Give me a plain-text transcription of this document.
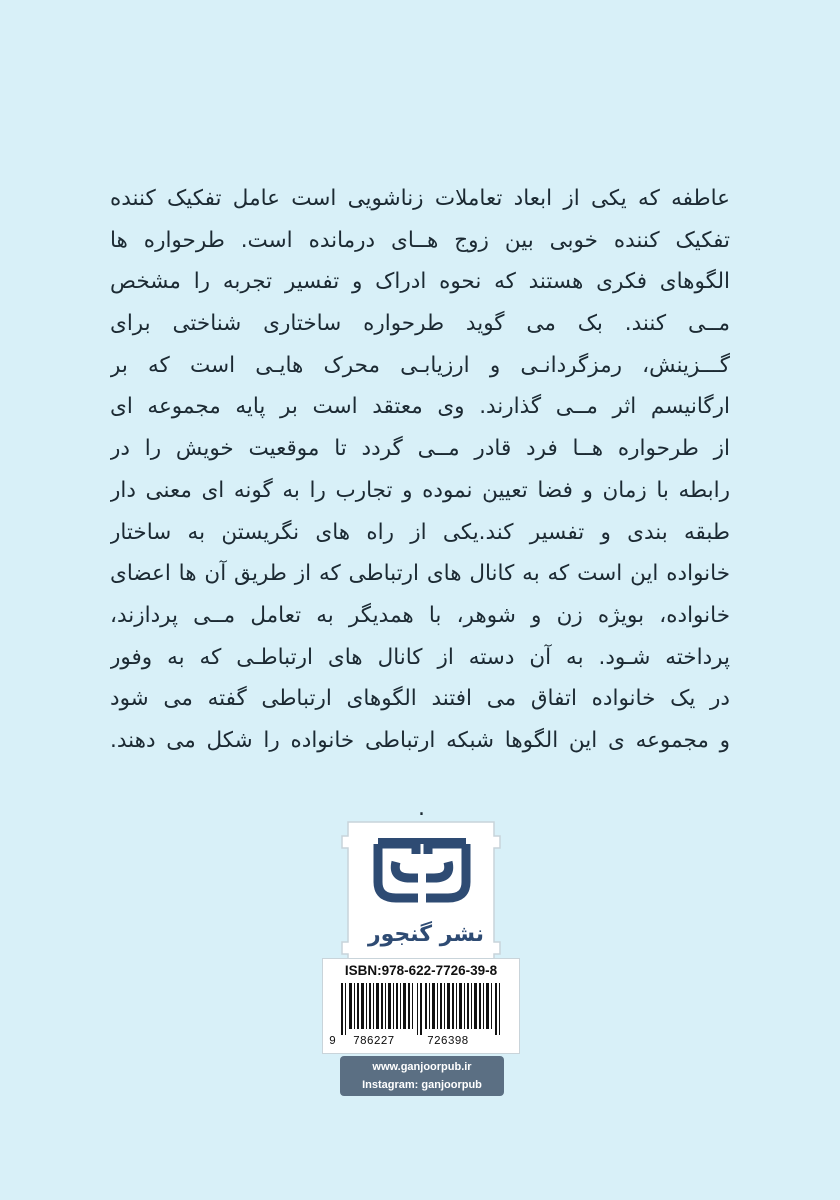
عاطفه که یکی از ابعاد تعاملات زناشویی است عامل تفکیک کننده
تفکیک کننده خوبی بین زوج هــای درمانده است. طرحواره ها
الگوهای فکری هستند که نحوه ادراک و تفسیر تجربه را مشخص
مــی کنند. بک می گوید طرحواره ساختاری شناختی برای
گـــزینش، رمزگردانـی و ارزیابـی محرک هایـی است که بر
ارگانیسم اثر مــی گذارند. وی معتقد است بر پایه مجموعه ای
از طرحواره هــا فرد قادر مــی گردد تا موقعیت خویش را در
رابطه با زمان و فضا تعیین نموده و تجارب را به گونه ای معنی دار
طبقه بندی و تفسیر کند.یکی از راه های نگریستن به ساختار
خانواده این است که به کانال های ارتباطی که از طریق آن ها اعضای
خانواده، بویژه زن و شوهر، با همدیگر به تعامل مــی پردازند،
پرداخته شـود. به آن دسته از کانال های ارتباطـی که به وفور
در یک خانواده اتفاق می افتند الگوهای ارتباطی گفته می شود
و مجموعه ی این الگوها شبکه ارتباطی خانواده را شکل می دهند.
.
نشر گنجور
ISBN:978-622-7726-39-8
9 786227	726398
www.ganjoorpub.ir
Instagram: ganjoorpub
